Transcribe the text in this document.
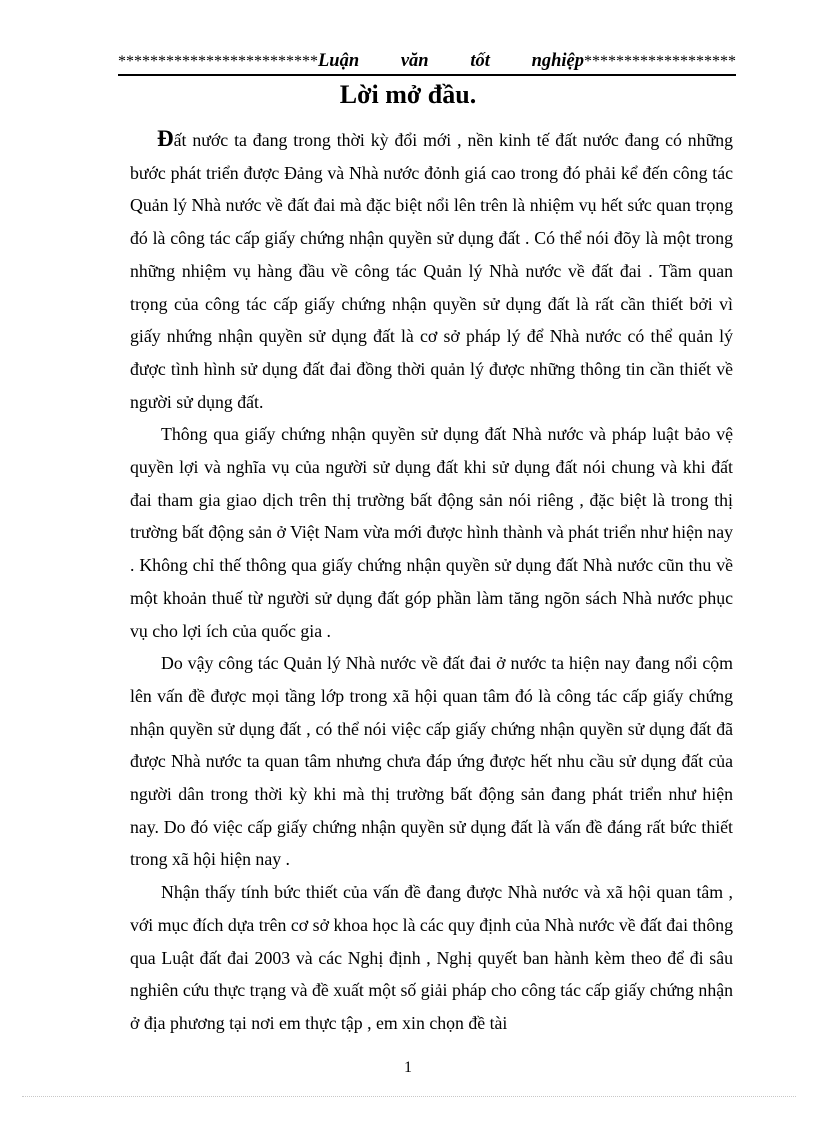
*************************Luận văn tốt nghiệp*******************
Lời mở đầu.

Đất nước ta đang trong thời kỳ đổi mới , nền kinh tế đất nước đang có những bước phát triển được Đảng và Nhà nước đỏnh giá cao trong đó phải kể đến công tác Quản lý Nhà nước về đất đai mà đặc biệt nổi lên trên là nhiệm vụ hết sức quan trọng đó là công tác cấp giấy chứng nhận quyền sử dụng đất . Có thể nói đõy là một trong những nhiệm vụ hàng đầu về công tác Quản lý Nhà nước về đất đai . Tầm quan trọng của công tác cấp giấy chứng nhận quyền sử dụng đất là rất cần thiết bởi vì giấy nhứng nhận quyền sử dụng đất là cơ sở pháp lý để Nhà nước có thể quản lý được tình hình sử dụng đất đai đồng thời quản lý được những thông tin cần thiết về người sử dụng đất.

Thông qua giấy chứng nhận quyền sử dụng đất Nhà nước và pháp luật bảo vệ quyền lợi và nghĩa vụ của người sử dụng đất khi sử dụng đất nói chung và khi đất đai tham gia giao dịch trên thị trường bất động sản nói riêng , đặc biệt là trong thị trường bất động sản ở Việt Nam vừa mới được hình thành và phát triển như hiện nay . Không chỉ thế thông qua giấy chứng nhận quyền sử dụng đất Nhà nước cũn thu về một khoản thuế từ người sử dụng đất góp phần làm tăng ngõn sách Nhà nước phục vụ cho lợi ích của quốc gia .

Do vậy công tác Quản lý Nhà nước về đất đai ở nước ta hiện nay đang nổi cộm lên vấn đề được mọi tầng lớp trong xã hội quan tâm đó là công tác cấp giấy chứng nhận quyền sử dụng đất , có thể nói việc cấp giấy chứng nhận quyền sử dụng đất đã được Nhà nước ta quan tâm nhưng chưa đáp ứng được hết nhu cầu sử dụng đất của người dân trong thời kỳ khi mà thị trường bất động sản đang phát triển như hiện nay. Do đó việc cấp giấy chứng nhận quyền sử dụng đất là vấn đề đáng rất bức thiết trong xã hội hiện nay .

Nhận thấy tính bức thiết của vấn đề đang được Nhà nước và xã hội quan tâm , với mục đích dựa trên cơ sở khoa học là các quy định của Nhà nước về đất đai thông qua Luật đất đai 2003 và các Nghị định , Nghị quyết ban hành kèm theo để đi sâu nghiên cứu thực trạng và đề xuất một số giải pháp cho công tác cấp giấy chứng nhận ở địa phương tại nơi em thực tập , em xin chọn đề tài

1
